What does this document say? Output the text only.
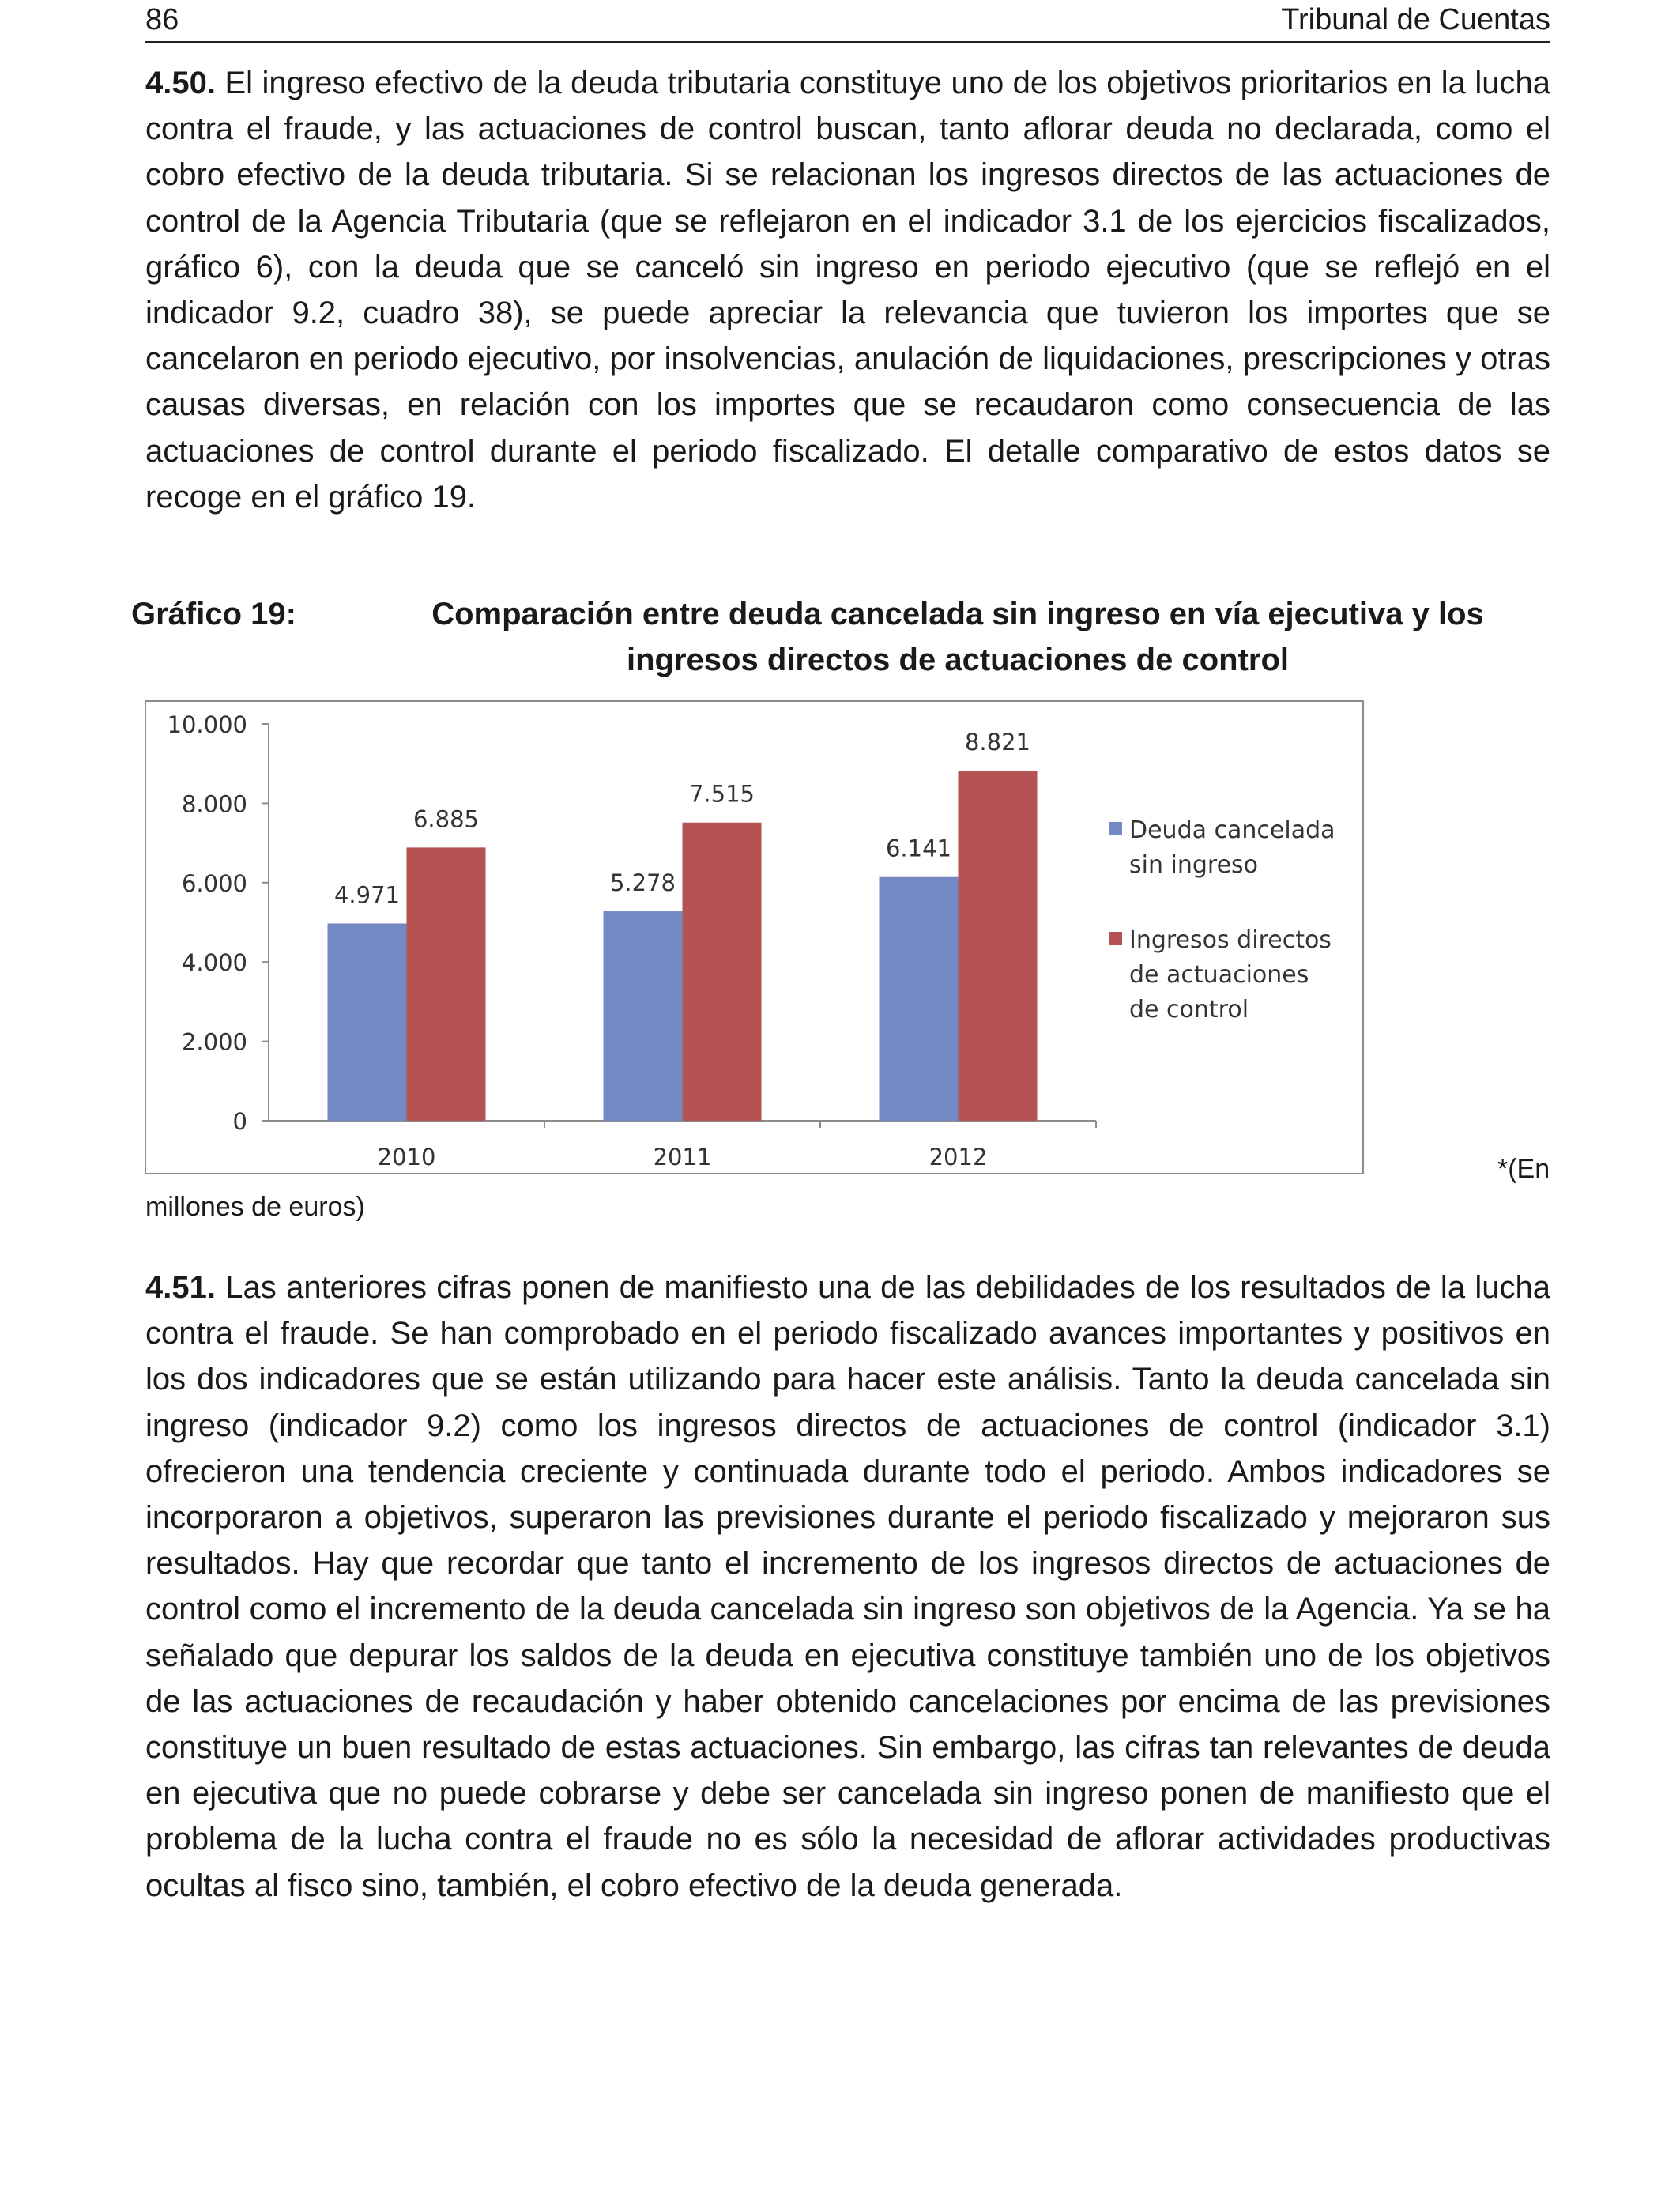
86	Tribunal de Cuentas

4.50. El ingreso efectivo de la deuda tributaria constituye uno de los objetivos prioritarios en la lucha contra el fraude, y las actuaciones de control buscan, tanto aflorar deuda no declarada, como el cobro efectivo de la deuda tributaria. Si se relacionan los ingresos directos de las actuaciones de control de la Agencia Tributaria (que se reflejaron en el indicador 3.1 de los ejercicios fiscalizados, gráfico 6), con la deuda que se canceló sin ingreso en periodo ejecutivo (que se reflejó en el indicador 9.2, cuadro 38), se puede apreciar la relevancia que tuvieron los importes que se cancelaron en periodo ejecutivo, por insolvencias, anulación de liquidaciones, prescripciones y otras causas diversas, en relación con los importes que se recaudaron como consecuencia de las actuaciones de control durante el periodo fiscalizado. El detalle comparativo de estos datos se recoge en el gráfico 19.

Gráfico 19:	Comparación entre deuda cancelada sin ingreso en vía ejecutiva y los ingresos directos de actuaciones de control
0
2.000
4.000
6.000
8.000
10.000
2010
4.971
6.885
2011
5.278
7.515
2012
6.141
8.821
Deuda cancelada
sin ingreso
Ingresos directos
de actuaciones
de control
*(En
millones de euros)

4.51. Las anteriores cifras ponen de manifiesto una de las debilidades de los resultados de la lucha contra el fraude. Se han comprobado en el periodo fiscalizado avances importantes y positivos en los dos indicadores que se están utilizando para hacer este análisis. Tanto la deuda cancelada sin ingreso (indicador 9.2) como los ingresos directos de actuaciones de control (indicador 3.1) ofrecieron una tendencia creciente y continuada durante todo el periodo. Ambos indicadores se incorporaron a objetivos, superaron las previsiones durante el periodo fiscalizado y mejoraron sus resultados. Hay que recordar que tanto el incremento de los ingresos directos de actuaciones de control como el incremento de la deuda cancelada sin ingreso son objetivos de la Agencia. Ya se ha señalado que depurar los saldos de la deuda en ejecutiva constituye también uno de los objetivos de las actuaciones de recaudación y haber obtenido cancelaciones por encima de las previsiones constituye un buen resultado de estas actuaciones. Sin embargo, las cifras tan relevantes de deuda en ejecutiva que no puede cobrarse y debe ser cancelada sin ingreso ponen de manifiesto que el problema de la lucha contra el fraude no es sólo la necesidad de aflorar actividades productivas ocultas al fisco sino, también, el cobro efectivo de la deuda generada.
